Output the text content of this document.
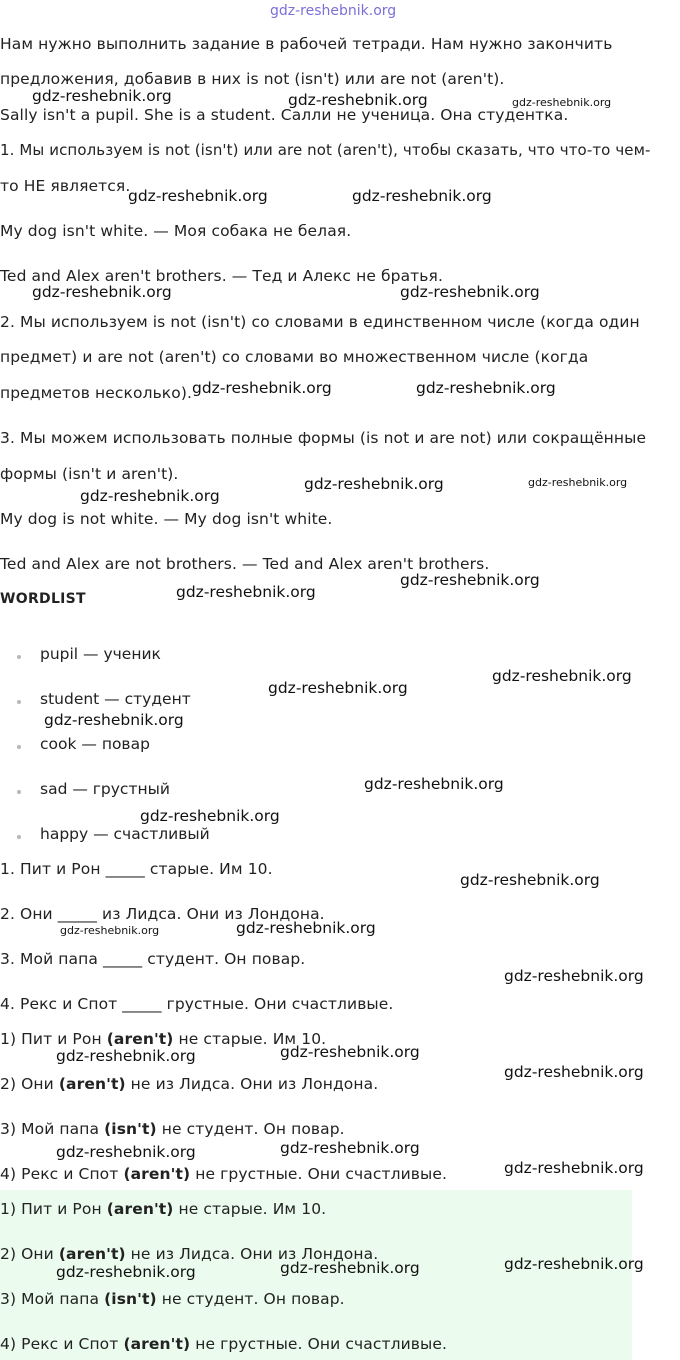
gdz-reshebnik.org
Нам нужно выполнить задание в рабочей тетради. Нам нужно закончить
предложения, добавив в них is not (isn't) или are not (aren't).
Sally isn't a pupil. She is a student. Салли не ученица. Она студентка.
1. Мы используем is not (isn't) или are not (aren't), чтобы сказать, что что-то чем-
то НЕ является.
My dog isn't white. — Моя собака не белая.
Ted and Alex aren't brothers. — Тед и Алекс не братья.
2. Мы используем is not (isn't) со словами в единственном числе (когда один
предмет) и are not (aren't) со словами во множественном числе (когда
предметов несколько).
3. Мы можем использовать полные формы (is not и are not) или сокращённые
формы (isn't и aren't).
My dog is not white. — My dog isn't white.
Ted and Alex are not brothers. — Ted and Alex aren't brothers.
WORDLIST
pupil — ученик
student — студент
cook — повар
sad — грустный
happy — счастливый
1. Пит и Рон _____ старые. Им 10.
2. Они _____ из Лидса. Они из Лондона.
3. Мой папа _____ студент. Он повар.
4. Рекс и Спот _____ грустные. Они счастливые.
1) Пит и Рон (aren't) не старые. Им 10.
2) Они (aren't) не из Лидса. Они из Лондона.
3) Мой папа (isn't) не студент. Он повар.
4) Рекс и Спот (aren't) не грустные. Они счастливые.
1) Пит и Рон (aren't) не старые. Им 10.
2) Они (aren't) не из Лидса. Они из Лондона.
3) Мой папа (isn't) не студент. Он повар.
4) Рекс и Спот (aren't) не грустные. Они счастливые.
gdz-reshebnik.org	gdz-reshebnik.org	gdz-reshebnik.org
gdz-reshebnik.org	gdz-reshebnik.org
gdz-reshebnik.org	gdz-reshebnik.org
gdz-reshebnik.org	gdz-reshebnik.org
gdz-reshebnik.org
gdz-reshebnik.org	gdz-reshebnik.org
gdz-reshebnik.org
gdz-reshebnik.org
gdz-reshebnik.org
gdz-reshebnik.org
gdz-reshebnik.org
gdz-reshebnik.org
gdz-reshebnik.org
gdz-reshebnik.org
gdz-reshebnik.org	gdz-reshebnik.org
gdz-reshebnik.org
gdz-reshebnik.org	gdz-reshebnik.org
gdz-reshebnik.org
gdz-reshebnik.org	gdz-reshebnik.org
gdz-reshebnik.org
gdz-reshebnik.org	gdz-reshebnik.org	gdz-reshebnik.org
